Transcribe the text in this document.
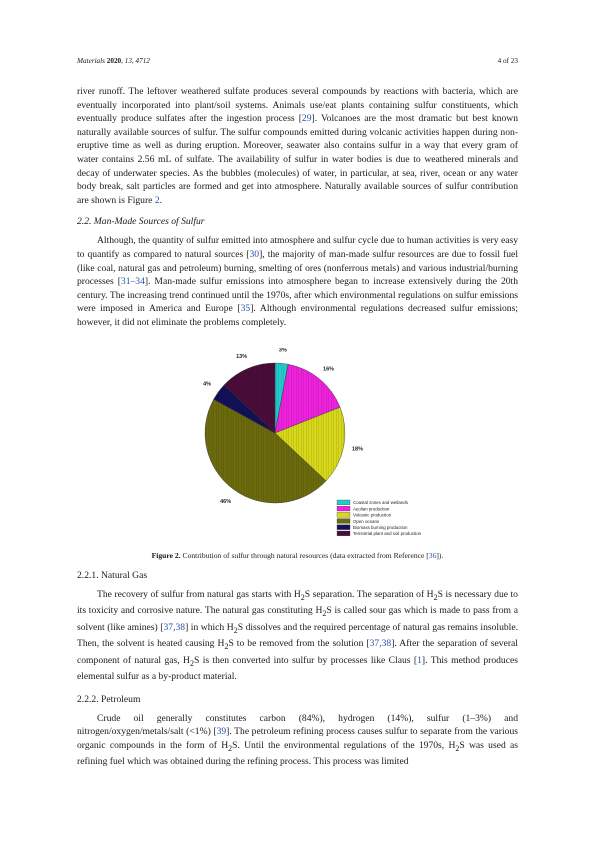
Materials 2020, 13, 4712	4 of 23

river runoff. The leftover weathered sulfate produces several compounds by reactions with bacteria, which are eventually incorporated into plant/soil systems. Animals use/eat plants containing sulfur constituents, which eventually produce sulfates after the ingestion process [29]. Volcanoes are the most dramatic but best known naturally available sources of sulfur. The sulfur compounds emitted during volcanic activities happen during non-eruptive time as well as during eruption. Moreover, seawater also contains sulfur in a way that every gram of water contains 2.56 mL of sulfate. The availability of sulfur in water bodies is due to weathered minerals and decay of underwater species. As the bubbles (molecules) of water, in particular, at sea, river, ocean or any water body break, salt particles are formed and get into atmosphere. Naturally available sources of sulfur contribution are shown is Figure 2.

2.2. Man-Made Sources of Sulfur

Although, the quantity of sulfur emitted into atmosphere and sulfur cycle due to human activities is very easy to quantify as compared to natural sources [30], the majority of man-made sulfur resources are due to fossil fuel (like coal, natural gas and petroleum) burning, smelting of ores (nonferrous metals) and various industrial/burning processes [31–34]. Man-made sulfur emissions into atmosphere began to increase extensively during the 20th century. The increasing trend continued until the 1970s, after which environmental regulations on sulfur emissions were imposed in America and Europe [35]. Although environmental regulations decreased sulfur emissions; however, it did not eliminate the problems completely.

3%
16%
18%
46%
4%
13%
Coastal zones and wetlands
Aeolian production
Volcanic production
Open oceans
Biomass burning production
Terrestrial plant and soil production
Figure 2. Contribution of sulfur through natural resources (data extracted from Reference [36]).
2.2.1. Natural Gas

The recovery of sulfur from natural gas starts with $H_2S$ separation. The separation of $H_2S$ is necessary due to its toxicity and corrosive nature. The natural gas constituting $H_2S$ is called sour gas which is made to pass from a solvent (like amines) [37,38] in which $H_2S$ dissolves and the required percentage of natural gas remains insoluble. Then, the solvent is heated causing $H_2S$ to be removed from the solution [37,38]. After the separation of several component of natural gas, $H_2S$ is then converted into sulfur by processes like Claus [1]. This method produces elemental sulfur as a by-product material.

2.2.2. Petroleum

Crude oil generally constitutes carbon (84%), hydrogen (14%), sulfur (1–3%) and nitrogen/oxygen/metals/salt (<1%) [39]. The petroleum refining process causes sulfur to separate from the various organic compounds in the form of $H_2S$. Until the environmental regulations of the 1970s, $H_2S$ was used as refining fuel which was obtained during the refining process. This process was limited
